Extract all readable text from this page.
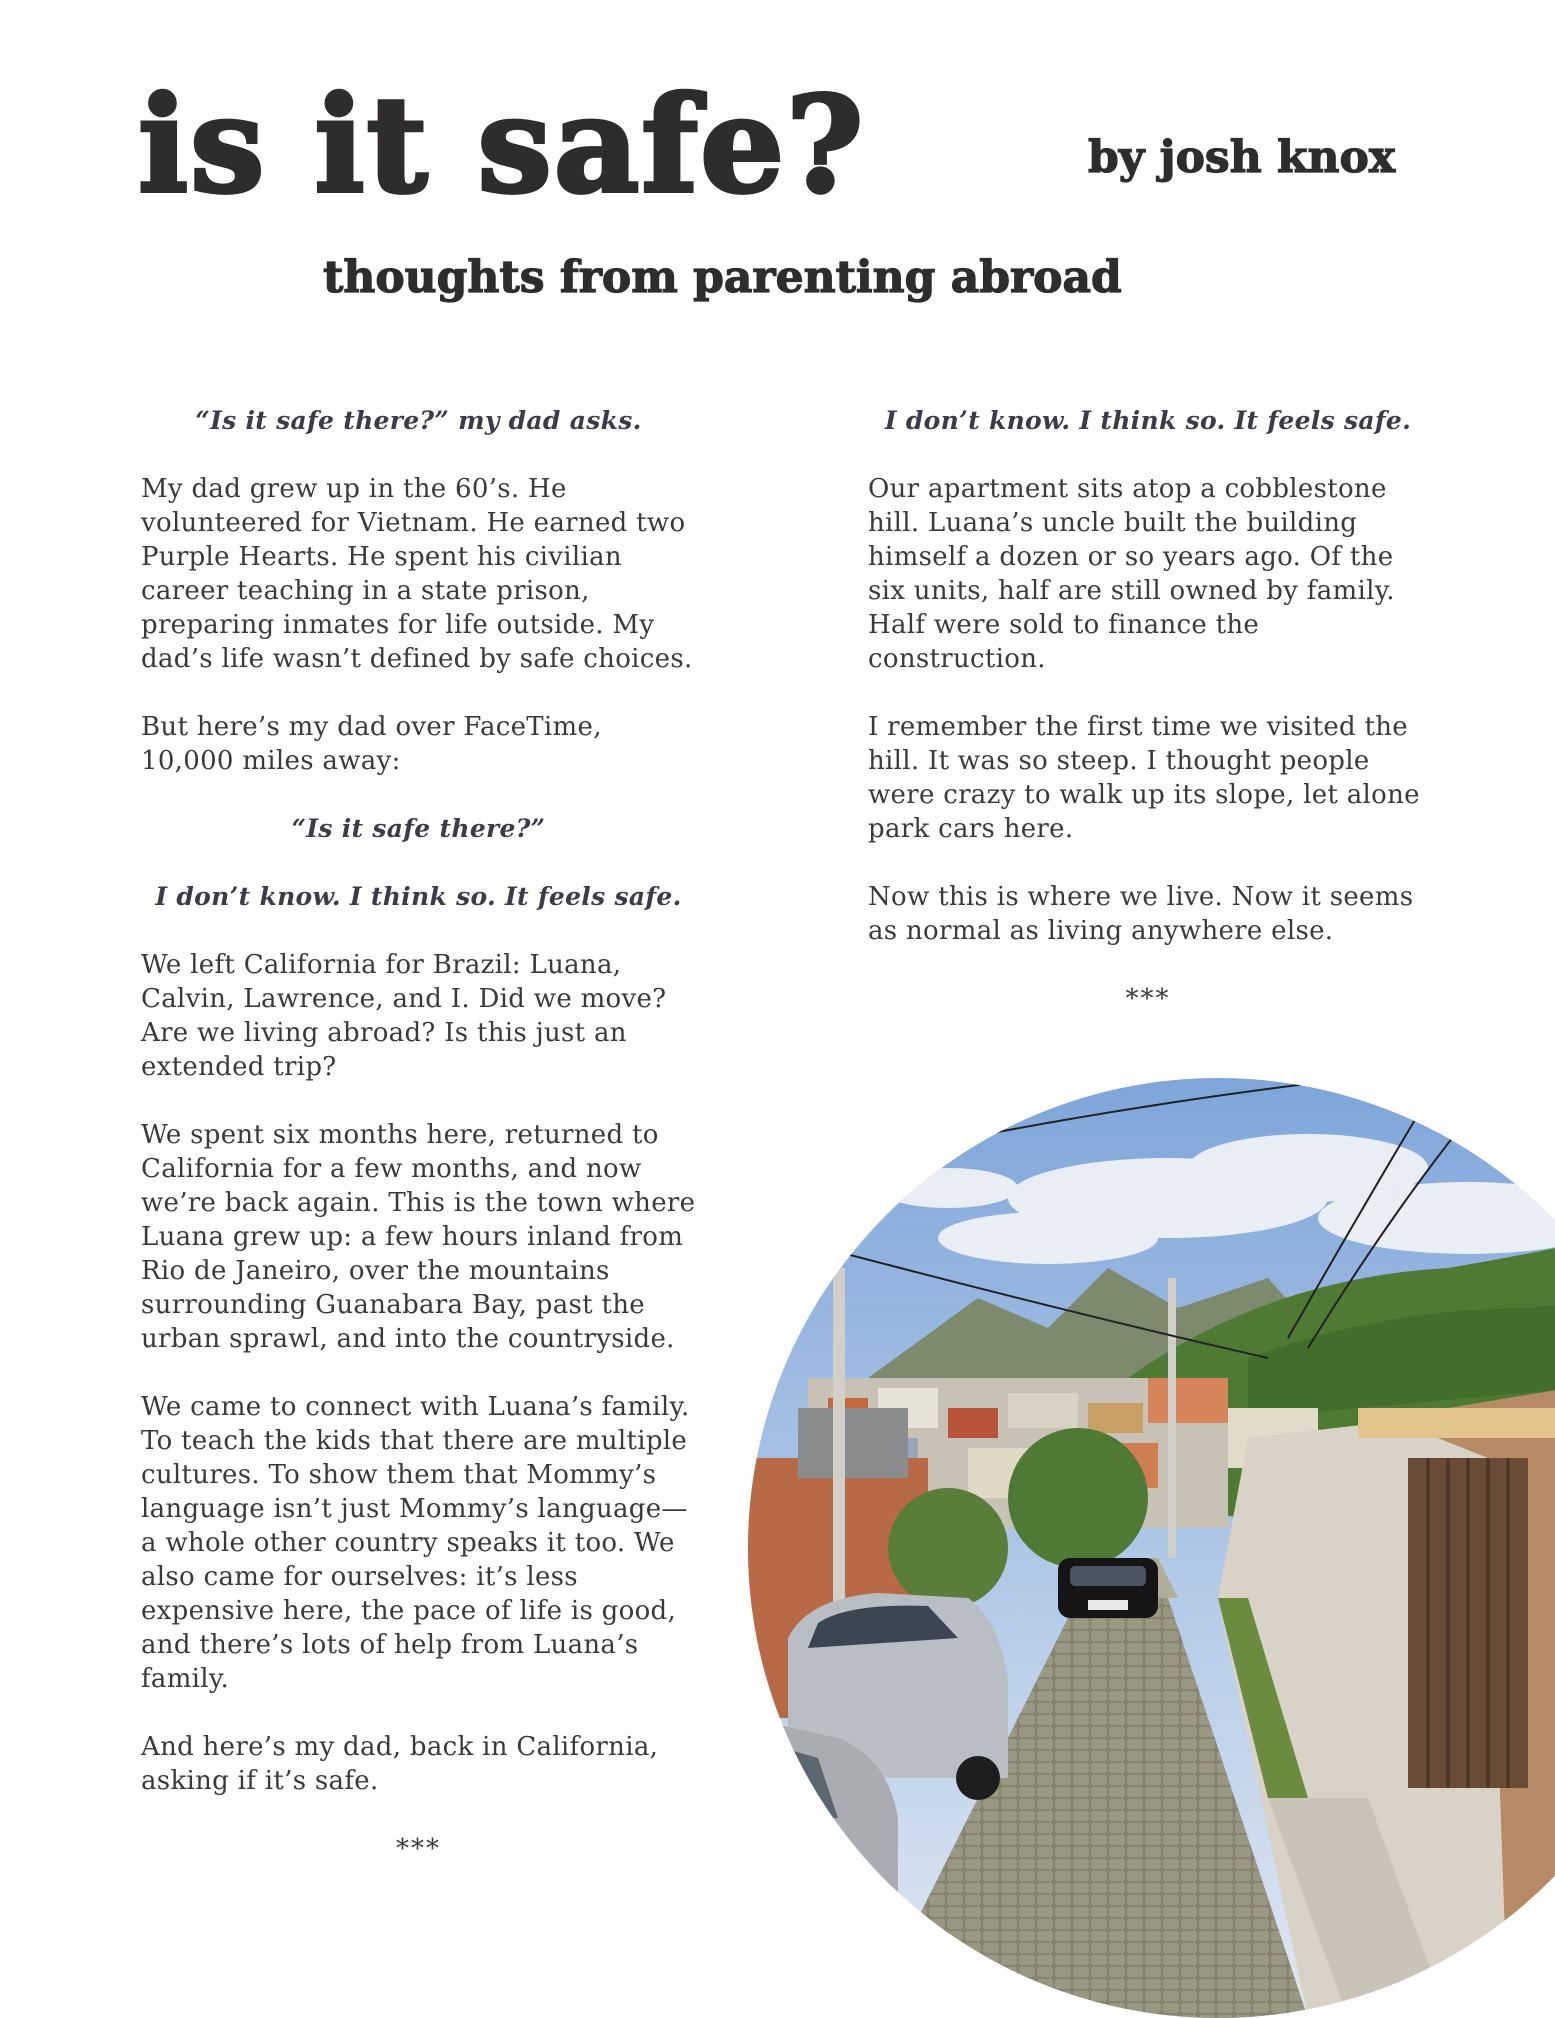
is it safe?	by josh knox
thoughts from parenting abroad

“Is it safe there?” my dad asks.

My dad grew up in the 60’s. He volunteered for Vietnam. He earned two Purple Hearts. He spent his civilian career teaching in a state prison, preparing inmates for life outside. My dad’s life wasn’t defined by safe choices.

But here’s my dad over FaceTime, 10,000 miles away:

“Is it safe there?”

I don’t know. I think so. It feels safe.

We left California for Brazil: Luana, Calvin, Lawrence, and I. Did we move? Are we living abroad? Is this just an extended trip?

We spent six months here, returned to California for a few months, and now we’re back again. This is the town where Luana grew up: a few hours inland from Rio de Janeiro, over the mountains surrounding Guanabara Bay, past the urban sprawl, and into the countryside.

We came to connect with Luana’s family. To teach the kids that there are multiple cultures. To show them that Mommy’s language isn’t just Mommy’s language—a whole other country speaks it too. We also came for ourselves: it’s less expensive here, the pace of life is good, and there’s lots of help from Luana’s family.

And here’s my dad, back in California, asking if it’s safe.

***

I don’t know. I think so. It feels safe.

Our apartment sits atop a cobblestone hill. Luana’s uncle built the building himself a dozen or so years ago. Of the six units, half are still owned by family. Half were sold to finance the construction.

I remember the first time we visited the hill. It was so steep. I thought people were crazy to walk up its slope, let alone park cars here.

Now this is where we live. Now it seems as normal as living anywhere else.

***
